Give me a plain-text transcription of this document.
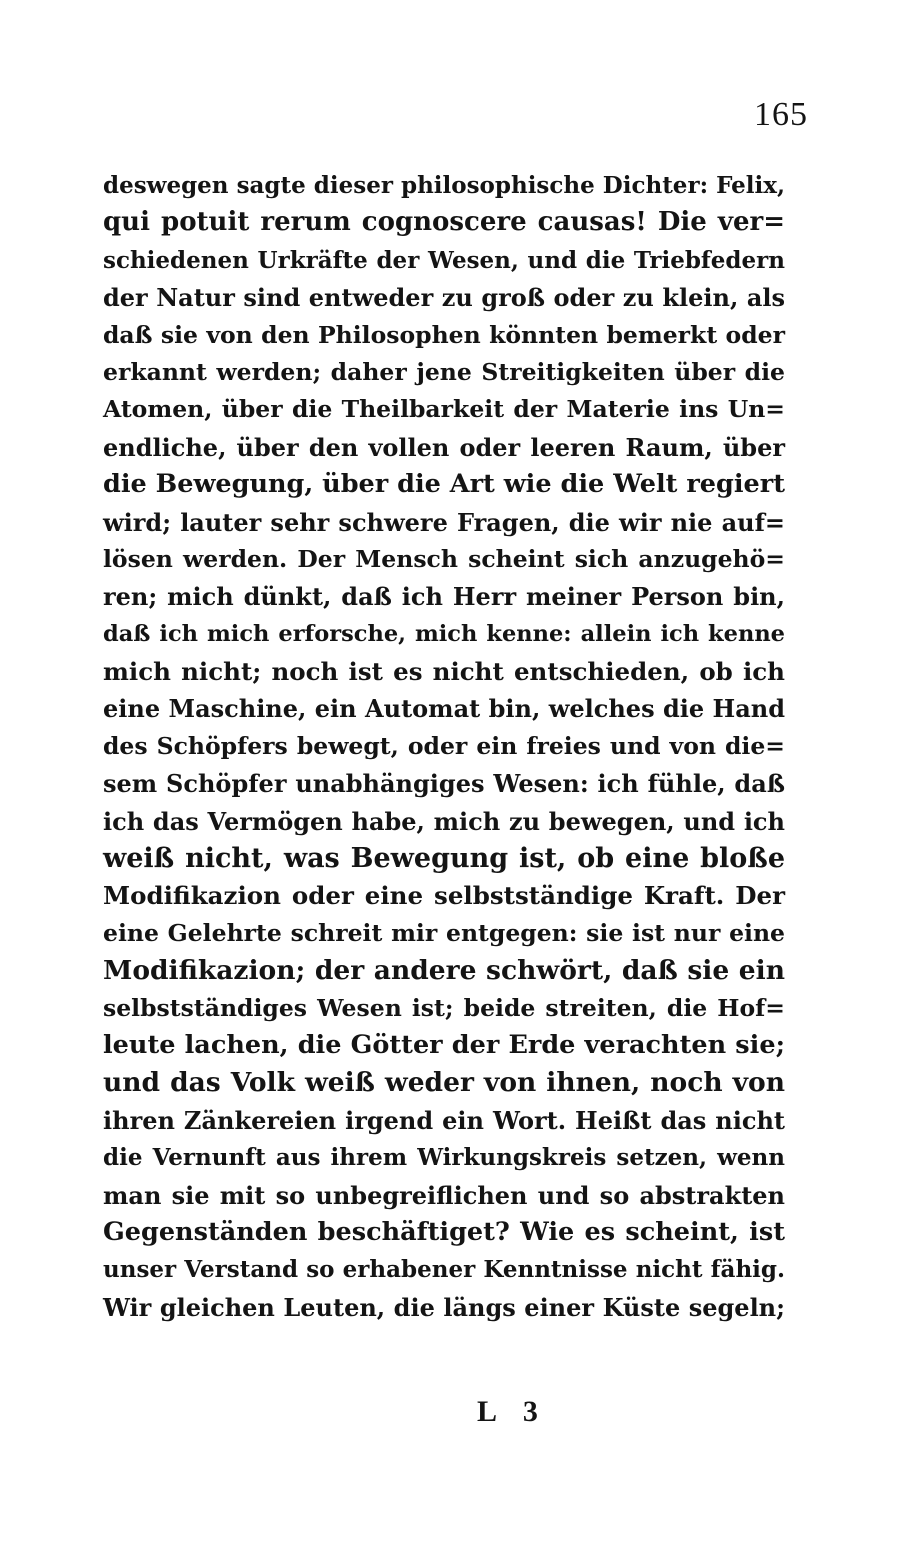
165
deswegen sagte dieser philosophische Dichter: Felix,
qui potuit rerum cognoscere causas! Die ver=
schiedenen Urkräfte der Wesen, und die Triebfedern
der Natur sind entweder zu groß oder zu klein, als
daß sie von den Philosophen könnten bemerkt oder
erkannt werden; daher jene Streitigkeiten über die
Atomen, über die Theilbarkeit der Materie ins Un=
endliche, über den vollen oder leeren Raum, über
die Bewegung, über die Art wie die Welt regiert
wird; lauter sehr schwere Fragen, die wir nie auf=
lösen werden. Der Mensch scheint sich anzugehö=
ren; mich dünkt, daß ich Herr meiner Person bin,
daß ich mich erforsche, mich kenne: allein ich kenne
mich nicht; noch ist es nicht entschieden, ob ich
eine Maschine, ein Automat bin, welches die Hand
des Schöpfers bewegt, oder ein freies und von die=
sem Schöpfer unabhängiges Wesen: ich fühle, daß
ich das Vermögen habe, mich zu bewegen, und ich
weiß nicht, was Bewegung ist, ob eine bloße
Modifikazion oder eine selbstständige Kraft. Der
eine Gelehrte schreit mir entgegen: sie ist nur eine
Modifikazion; der andere schwört, daß sie ein
selbstständiges Wesen ist; beide streiten, die Hof=
leute lachen, die Götter der Erde verachten sie;
und das Volk weiß weder von ihnen, noch von
ihren Zänkereien irgend ein Wort. Heißt das nicht
die Vernunft aus ihrem Wirkungskreis setzen, wenn
man sie mit so unbegreiflichen und so abstrakten
Gegenständen beschäftiget? Wie es scheint, ist
unser Verstand so erhabener Kenntnisse nicht fähig.
Wir gleichen Leuten, die längs einer Küste segeln;
L 3
